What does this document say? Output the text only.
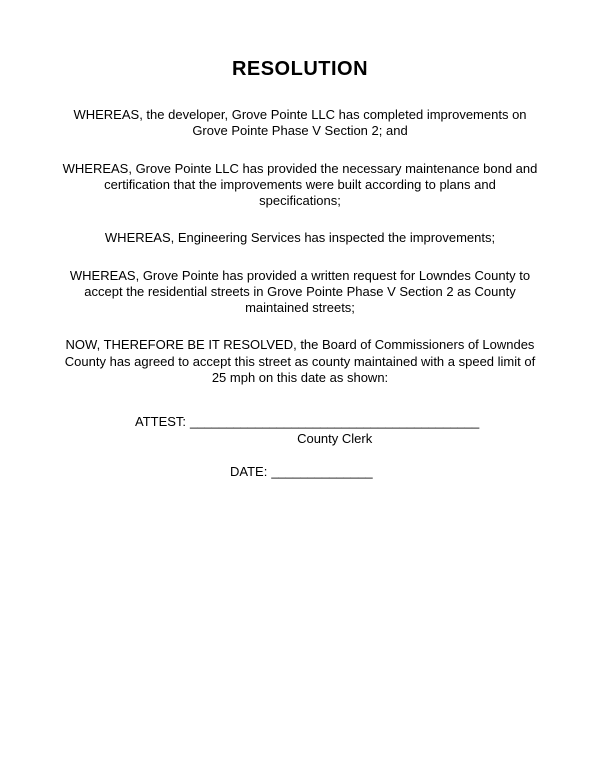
RESOLUTION

WHEREAS, the developer, Grove Pointe LLC has completed improvements on Grove Pointe Phase V Section 2; and

WHEREAS, Grove Pointe LLC has provided the necessary maintenance bond and certification that the improvements were built according to plans and specifications;

WHEREAS, Engineering Services has inspected the improvements;

WHEREAS, Grove Pointe has provided a written request for Lowndes County to accept the residential streets in Grove Pointe Phase V Section 2 as County maintained streets;

NOW, THEREFORE BE IT RESOLVED, the Board of Commissioners of Lowndes County has agreed to accept this street as county maintained with a speed limit of 25 mph on this date as shown:

ATTEST: ________________________________________
County Clerk
DATE: ______________
